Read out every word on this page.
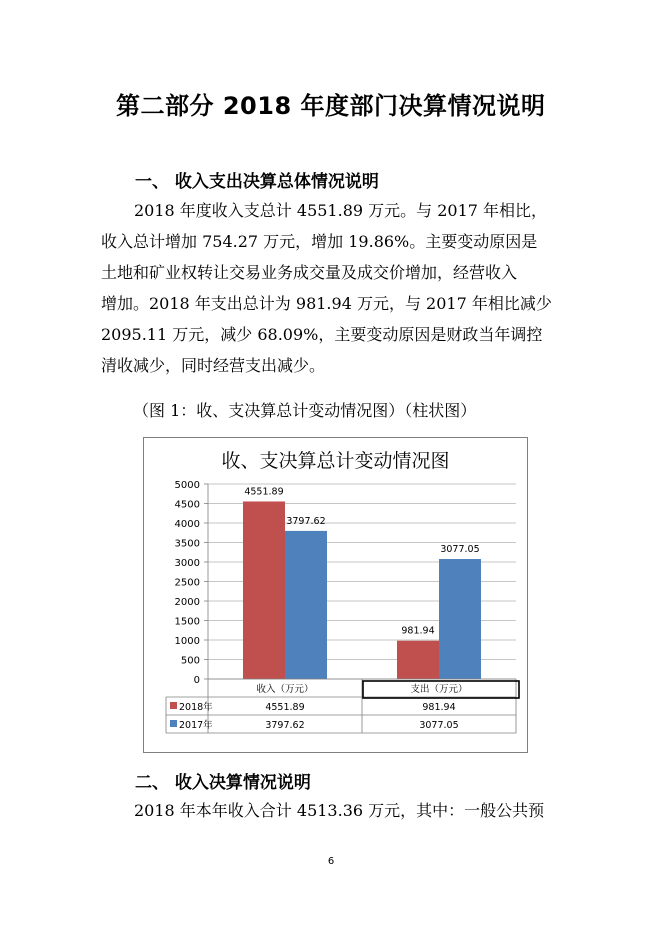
第二部分 2018 年度部门决算情况说明
一、 收入支出决算总体情况说明
2018 年度收入支总计 4551.89 万元。与 2017 年相比，
收入总计增加 754.27 万元，增加 19.86%。主要变动原因是
土地和矿业权转让交易业务成交量及成交价增加，经营收入
增加。2018 年支出总计为 981.94 万元，与 2017 年相比减少
2095.11 万元，减少 68.09%，主要变动原因是财政当年调控
清收减少，同时经营支出减少。
（图 1：收、支决算总计变动情况图）（柱状图）
收、支决算总计变动情况图
0
500
1000
1500
2000
2500
3000
3500
4000
4500
5000
4551.89
981.94
3797.62
3077.05
收入（万元）	支出（万元）
2018年	4551.89	981.94
2017年	3797.62	3077.05
二、 收入决算情况说明
2018 年本年收入合计 4513.36 万元，其中：一般公共预
6
